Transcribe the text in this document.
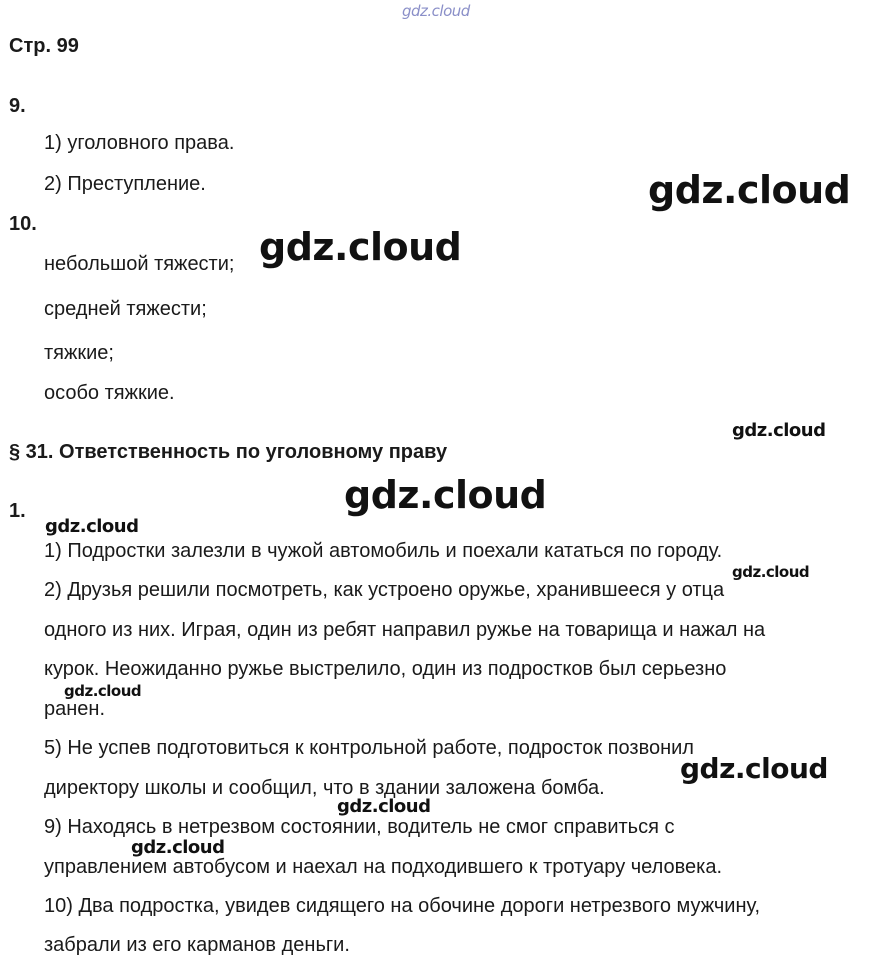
gdz.cloud
Стр. 99
9.
1) уголовного права.
2) Преступление.
10.
небольшой тяжести;
средней тяжести;
тяжкие;
особо тяжкие.
§ 31. Ответственность по уголовному праву
1.
1) Подростки залезли в чужой автомобиль и поехали кататься по городу.
2) Друзья решили посмотреть, как устроено оружье, хранившееся у отца
одного из них. Играя, один из ребят направил ружье на товарища и нажал на
курок. Неожиданно ружье выстрелило, один из подростков был серьезно
ранен.
5) Не успев подготовиться к контрольной работе, подросток позвонил
директору школы и сообщил, что в здании заложена бомба.
9) Находясь в нетрезвом состоянии, водитель не смог справиться с
управлением автобусом и наехал на подходившего к тротуару человека.
10) Два подростка, увидев сидящего на обочине дороги нетрезвого мужчину,
забрали из его карманов деньги.
gdz.cloud
gdz.cloud
gdz.cloud
gdz.cloud
gdz.cloud
gdz.cloud
gdz.cloud
gdz.cloud
gdz.cloud
gdz.cloud
